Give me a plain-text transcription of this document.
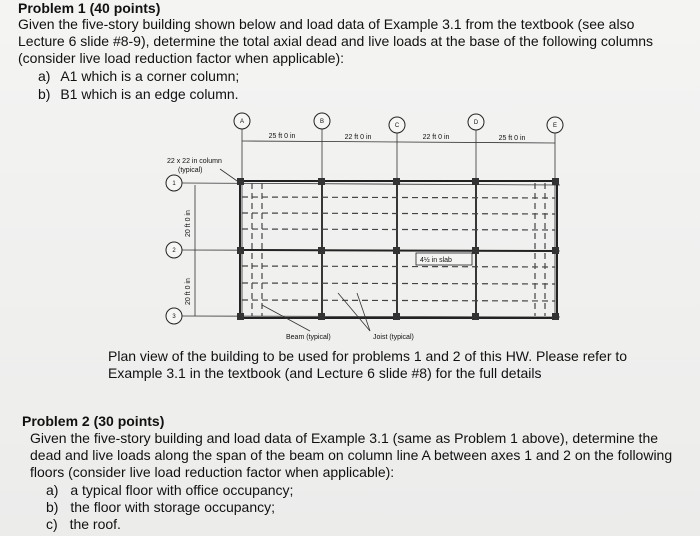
Problem 1 (40 points)
Given the five-story building shown below and load data of Example 3.1 from the textbook (see also Lecture 6 slide #8-9), determine the total axial dead and live loads at the base of the following columns (consider live load reduction factor when applicable):
a) A1 which is a corner column;
b) B1 which is an edge column.
A	B
C	D	E
1
2
3
25 ft 0 in	22 ft 0 in	22 ft 0 in	25 ft 0 in
20 ft 0 in
20 ft 0 in
22 x 22 in column
(typical)
4½ in slab
Beam (typical)	Joist (typical)
Plan view of the building to be used for problems 1 and 2 of this HW. Please refer to Example 3.1 in the textbook (and Lecture 6 slide #8) for the full details
Problem 2 (30 points)
Given the five-story building and load data of Example 3.1 (same as Problem 1 above), determine the dead and live loads along the span of the beam on column line A between axes 1 and 2 on the following floors (consider live load reduction factor when applicable):
a) a typical floor with office occupancy;
b) the floor with storage occupancy;
c) the roof.
